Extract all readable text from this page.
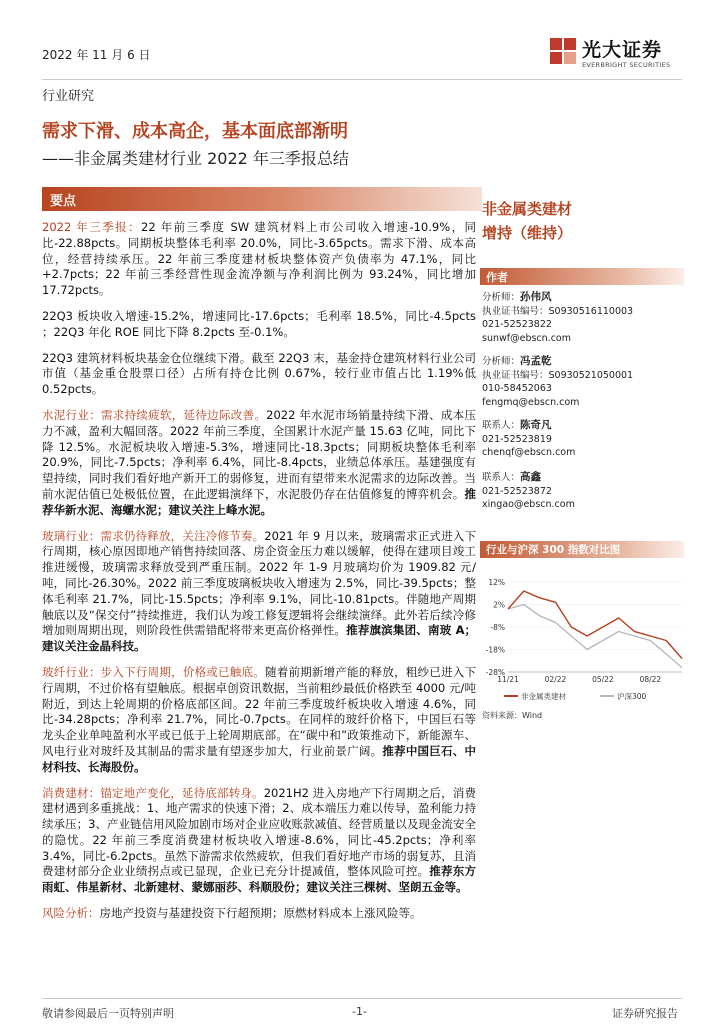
2022 年 11 月 6 日	光大证券
EVERBRIGHT SECURITIES
行业研究
需求下滑、成本高企，基本面底部渐明
——非金属类建材行业 2022 年三季报总结
要点

2022 年三季报：22 年前三季度 SW 建筑材料上市公司收入增速-10.9%，同比-22.88pcts。同期板块整体毛利率 20.0%，同比-3.65pcts。需求下滑、成本高位，经营持续承压。22 年前三季度建材板块整体资产负债率为 47.1%，同比+2.7pcts；22 年前三季经营性现金流净额与净利润比例为 93.24%，同比增加 17.72pcts。

22Q3 板块收入增速-15.2%，增速同比-17.6pcts；毛利率 18.5%，同比-4.5pcts ；22Q3 年化 ROE 同比下降 8.2pcts 至-0.1%。

22Q3 建筑材料板块基金仓位继续下滑。截至 22Q3 末，基金持仓建筑材料行业公司市值（基金重仓股票口径）占所有持仓比例 0.67%，较行业市值占比 1.19%低 0.52pcts。

水泥行业：需求持续疲软，延待边际改善。2022 年水泥市场销量持续下滑、成本压力不减，盈利大幅回落。2022 年前三季度，全国累计水泥产量 15.63 亿吨，同比下降 12.5%。水泥板块收入增速-5.3%，增速同比-18.3pcts；同期板块整体毛利率 20.9%，同比-7.5pcts；净利率 6.4%，同比-8.4pcts，业绩总体承压。基建强度有望持续，同时我们看好地产新开工的弱修复，进而有望带来水泥需求的边际改善。当前水泥估值已处极低位置，在此逻辑演绎下，水泥股仍存在估值修复的博弈机会。推荐华新水泥、海螺水泥；建议关注上峰水泥。

玻璃行业：需求仍待释放，关注冷修节奏。2021 年 9 月以来，玻璃需求正式进入下行周期，核心原因即地产销售持续回落、房企资金压力难以缓解，使得在建项目竣工推进缓慢，玻璃需求释放受到严重压制。2022 年 1-9 月玻璃均价为 1909.82 元/吨，同比-26.30%。2022 前三季度玻璃板块收入增速为 2.5%，同比-39.5pcts；整体毛利率 21.7%，同比-15.5pcts；净利率 9.1%，同比-10.81pcts。伴随地产周期触底以及“保交付”持续推进，我们认为竣工修复逻辑将会继续演绎。此外若后续冷修增加则周期出现，则阶段性供需错配将带来更高价格弹性。推荐旗滨集团、南玻 A；建议关注金晶科技。

玻纤行业：步入下行周期，价格或已触底。随着前期新增产能的释放，粗纱已进入下行周期，不过价格有望触底。根据卓创资讯数据，当前粗纱最低价格跌至 4000 元/吨附近，到达上轮周期的价格底部区间。22 年前三季度玻纤板块收入增速 4.6%，同比-34.28pcts；净利率 21.7%，同比-0.7pcts。在同样的玻纤价格下，中国巨石等龙头企业单吨盈利水平或已低于上轮周期底部。在“碳中和”政策推动下，新能源车、风电行业对玻纤及其制品的需求量有望逐步加大，行业前景广阔。推荐中国巨石、中材科技、长海股份。

消费建材：锚定地产变化，延待底部转身。2021H2 进入房地产下行周期之后，消费建材遇到多重挑战：1、地产需求的快速下滑；2、成本端压力难以传导，盈利能力持续承压；3、产业链信用风险加剧市场对企业应收账款减值、经营质量以及现金流安全的隐忧。22 年前三季度消费建材板块收入增速-8.6%，同比-45.2pcts；净利率 3.4%，同比-6.2pcts。虽然下游需求依然疲软，但我们看好地产市场的弱复苏，且消费建材部分企业业绩拐点或已显现，企业已充分计提减值，整体风险可控。推荐东方雨虹、伟星新材、北新建材、蒙娜丽莎、科顺股份；建议关注三棵树、坚朗五金等。

风险分析：房地产投资与基建投资下行超预期；原燃材料成本上涨风险等。

非金属类建材
增持（维持）
作者
分析师：孙伟风
执业证书编号：S0930516110003
021-52523822
sunwf@ebscn.com
分析师：冯孟乾
执业证书编号：S0930521050001
010-58452063
fengmq@ebscn.com
联系人：陈奇凡
021-52523819
chenqf@ebscn.com
联系人：高鑫
021-52523872
xingao@ebscn.com
行业与沪深 300 指数对比图
12%
2%
-8%
-18%
-28%
11/21	02/22	05/22	08/22
非金属类建材	沪深300
资料来源：Wind
敬请参阅最后一页特别声明	-1-	证券研究报告
